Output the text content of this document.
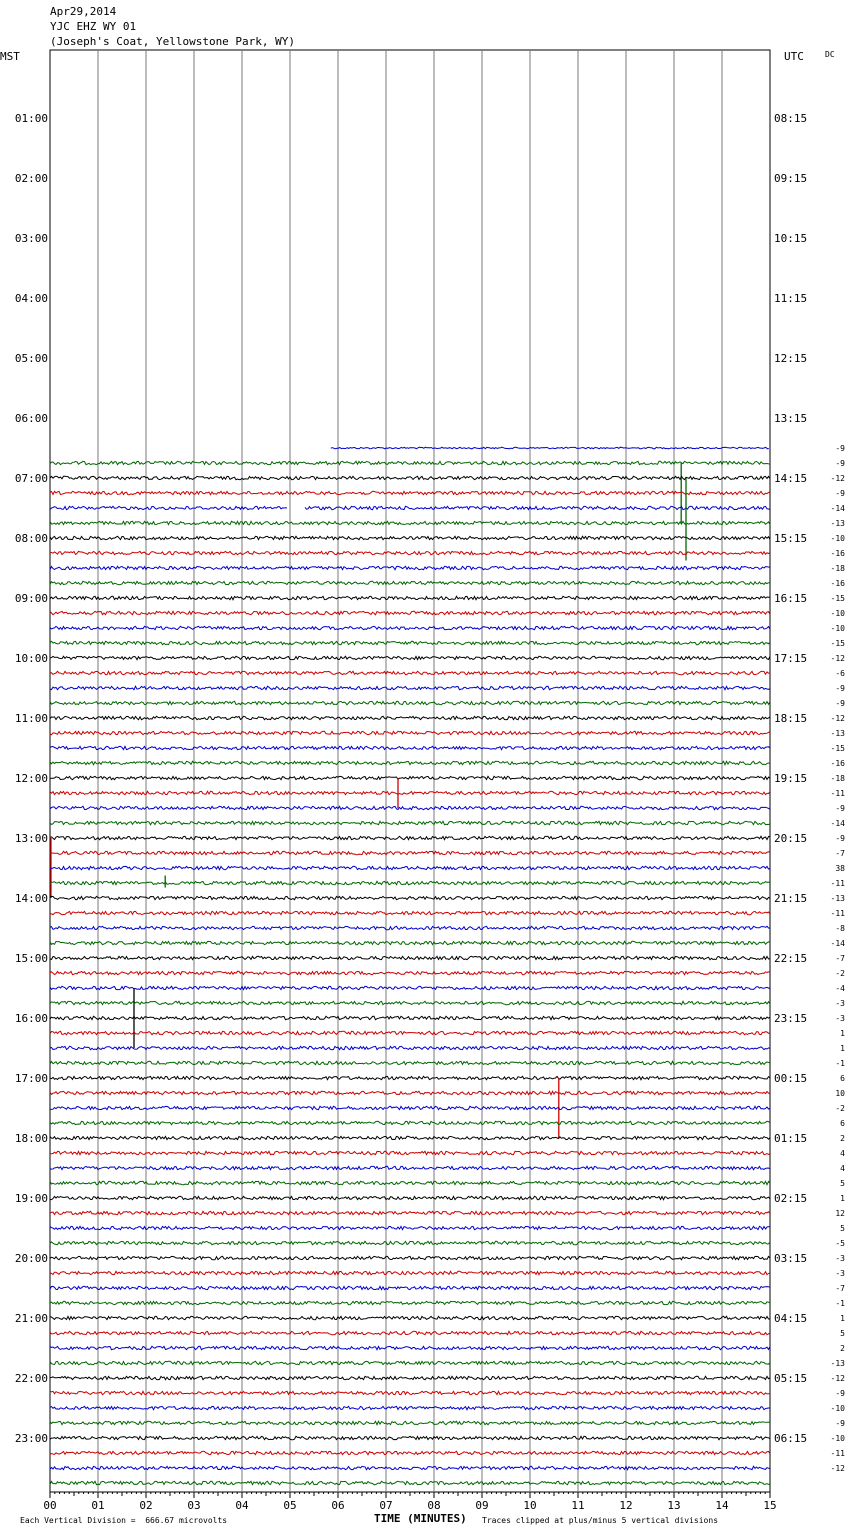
Apr29,2014
YJC EHZ WY 01
(Joseph's Coat, Yellowstone Park, WY)
MST	UTC	DC
00	01	02	03	04	05	06	07	08	09	10	11	12	13	14	15
01:00
02:00
03:00
04:00
05:00
06:00
07:00
08:00
09:00
10:00
11:00
12:00
13:00
14:00
15:00
16:00
17:00
18:00
19:00
20:00
21:00
22:00
23:00
08:15
09:15
10:15
11:15
12:15
13:15
14:15
15:15
16:15
17:15
18:15
19:15
20:15
21:15
22:15
23:15
00:15
01:15
02:15
03:15
04:15
05:15
06:15
-9
-9
-12
-9
-14
-13
-10
-16
-18
-16
-15
-10
-10
-15
-12
-6
-9
-9
-12
-13
-15
-16
-18
-11
-9
-14
-9
-7
38
-11
-13
-11
-8
-14
-7
-2
-4
-3
-3
1
1
-1
6
10
-2
6
2
4
4
5
1
12
5
-5
-3
-3
-7
-1
1
5
2
-13
-12
-9
-10
-9
-10
-11
-12
Each Vertical Division =  666.67 microvolts	TIME (MINUTES) Traces clipped at plus/minus 5 vertical divisions
